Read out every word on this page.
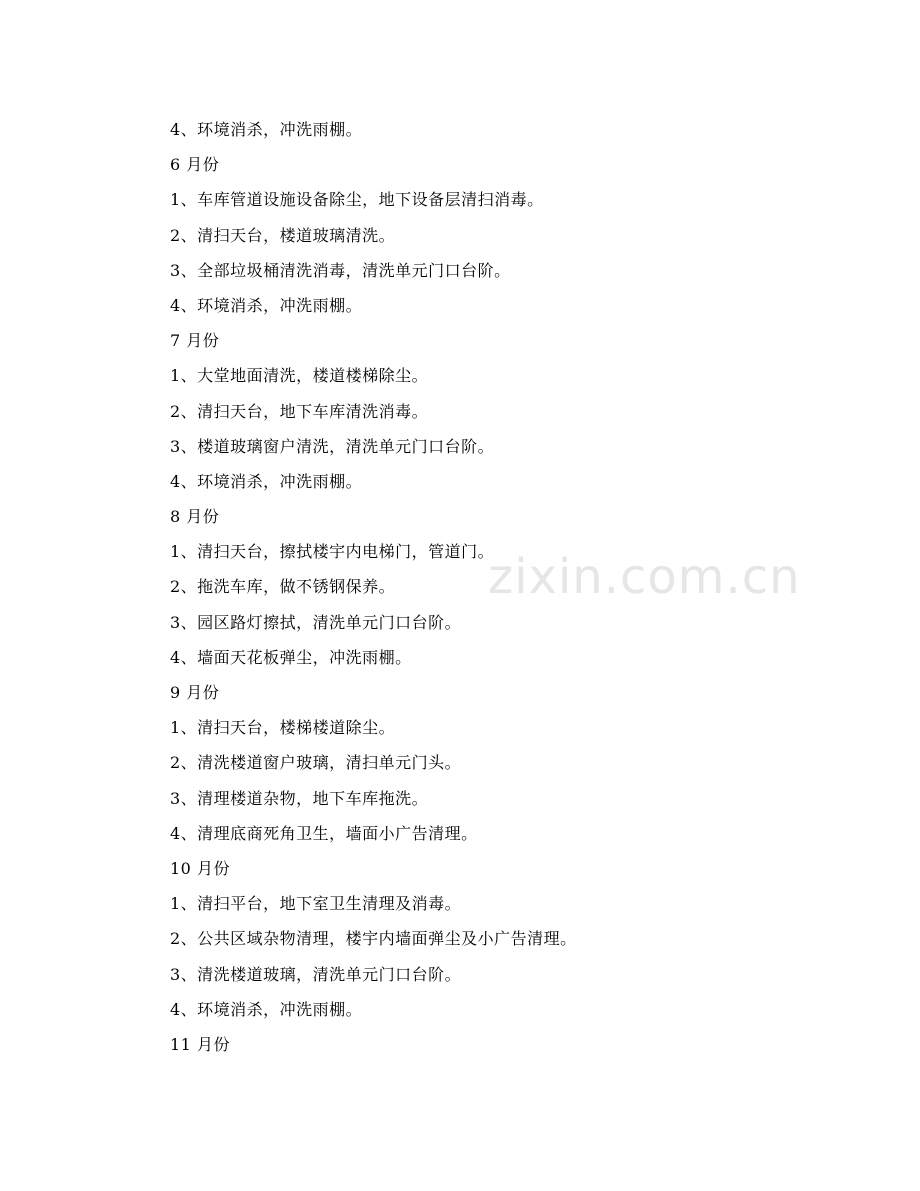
4、环境消杀，冲洗雨棚。
6 月份
1、车库管道设施设备除尘，地下设备层清扫消毒。
2、清扫天台，楼道玻璃清洗。
3、全部垃圾桶清洗消毒，清洗单元门口台阶。
4、环境消杀，冲洗雨棚。
7 月份
1、大堂地面清洗，楼道楼梯除尘。
2、清扫天台，地下车库清洗消毒。
3、楼道玻璃窗户清洗，清洗单元门口台阶。
4、环境消杀，冲洗雨棚。
8 月份
1、清扫天台，擦拭楼宇内电梯门，管道门。
2、拖洗车库，做不锈钢保养。
3、园区路灯擦拭，清洗单元门口台阶。
4、墙面天花板弹尘，冲洗雨棚。
9 月份
1、清扫天台，楼梯楼道除尘。
2、清洗楼道窗户玻璃，清扫单元门头。
3、清理楼道杂物，地下车库拖洗。
4、清理底商死角卫生，墙面小广告清理。
10 月份
1、清扫平台，地下室卫生清理及消毒。
2、公共区域杂物清理，楼宇内墙面弹尘及小广告清理。
3、清洗楼道玻璃，清洗单元门口台阶。
4、环境消杀，冲洗雨棚。
11 月份
zixin.com.cn
